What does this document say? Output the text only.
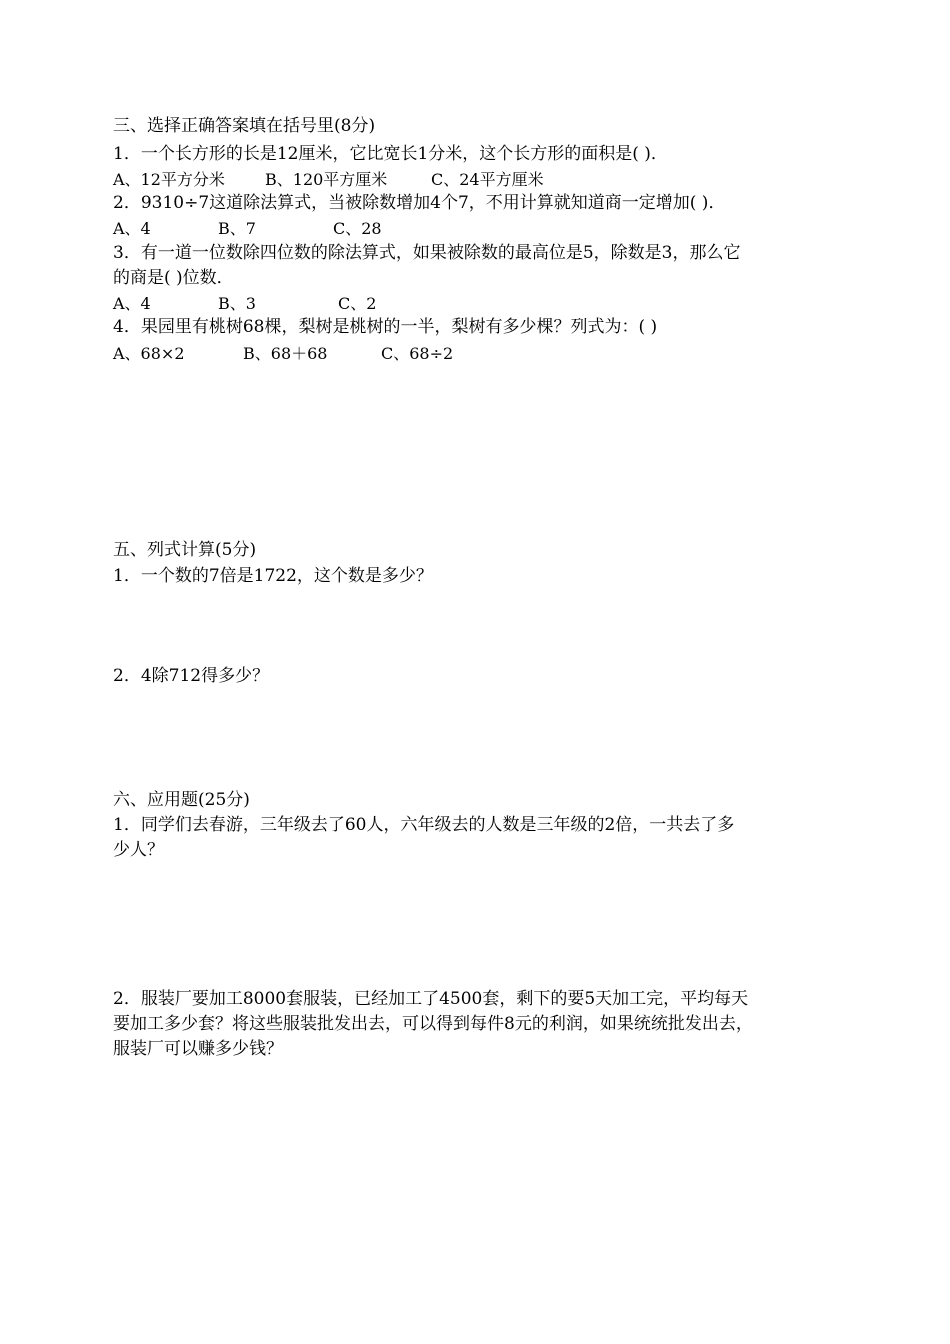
三、选择正确答案填在括号里(8分)
1．一个长方形的长是12厘米，它比宽长1分米，这个长方形的面积是( )．
A、12平方分米	B、120平方厘米	C、24平方厘米
2．9310÷7这道除法算式，当被除数增加4个7，不用计算就知道商一定增加( )．
A、4	B、7	C、28
3．有一道一位数除四位数的除法算式，如果被除数的最高位是5，除数是3，那么它
的商是( )位数．
A、4	B、3	C、2
4．果园里有桃树68棵，梨树是桃树的一半，梨树有多少棵？列式为：( )
A、68×2	B、68＋68	C、68÷2
五、列式计算(5分)
1．一个数的7倍是1722，这个数是多少？
2．4除712得多少？
六、应用题(25分)
1．同学们去春游，三年级去了60人，六年级去的人数是三年级的2倍，一共去了多
少人？
2．服装厂要加工8000套服装，已经加工了4500套，剩下的要5天加工完，平均每天
要加工多少套？将这些服装批发出去，可以得到每件8元的利润，如果统统批发出去，
服装厂可以赚多少钱？
